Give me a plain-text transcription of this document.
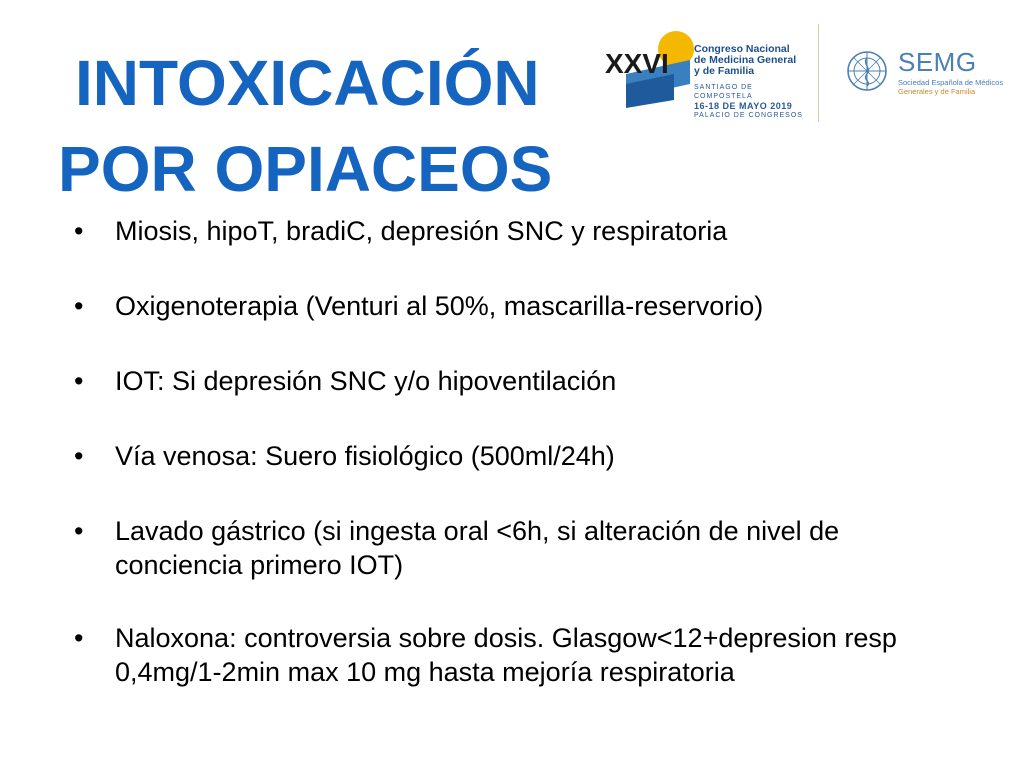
INTOXICACIÓN
POR OPIACEOS
XXVI Congreso Nacional de Medicina General y de Familia
SANTIAGO DE COMPOSTELA
16-18 DE MAYO 2019
PALACIO DE CONGRESOS
SEMG
Sociedad Española de Médicos
Generales y de Familia
• Miosis, hipoT, bradiC, depresión SNC y respiratoria
• Oxigenoterapia (Venturi al 50%, mascarilla-reservorio)
• IOT: Si depresión SNC y/o hipoventilación
• Vía venosa: Suero fisiológico (500ml/24h)
• Lavado gástrico (si ingesta oral <6h, si alteración de nivel de conciencia primero IOT)
• Naloxona: controversia sobre dosis. Glasgow<12+depresion resp 0,4mg/1-2min max 10 mg hasta mejoría respiratoria
